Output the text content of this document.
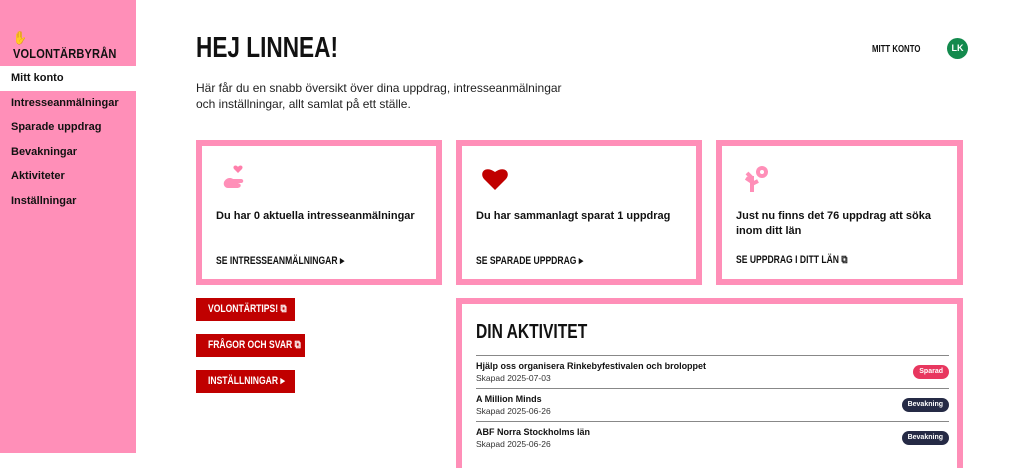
✋ VOLONTÄRBYRÅN
Mitt konto
Intresseanmälningar
Sparade uppdrag
Bevakningar
Aktiviteter
Inställningar
HEJ LINNEA!	MITT KONTO	LK

Här får du en snabb översikt över dina uppdrag, intresseanmälningar och inställningar, allt samlat på ett ställe.

Du har 0 aktuella intresseanmälningar
SE INTRESSEANMÄLNINGAR ▸
Du har sammanlagt sparat 1 uppdrag
SE SPARADE UPPDRAG ▸
Just nu finns det 76 uppdrag att söka inom ditt län
SE UPPDRAG I DITT LÄN ⧉
VOLONTÄRTIPS! ⧉
FRÅGOR OCH SVAR ⧉
INSTÄLLNINGAR ▸
DIN AKTIVITET
Hjälp oss organisera Rinkebyfestivalen och broloppet
Skapad 2025-07-03
Sparad
A Million Minds
Skapad 2025-06-26
Bevakning
ABF Norra Stockholms län
Skapad 2025-06-26
Bevakning
